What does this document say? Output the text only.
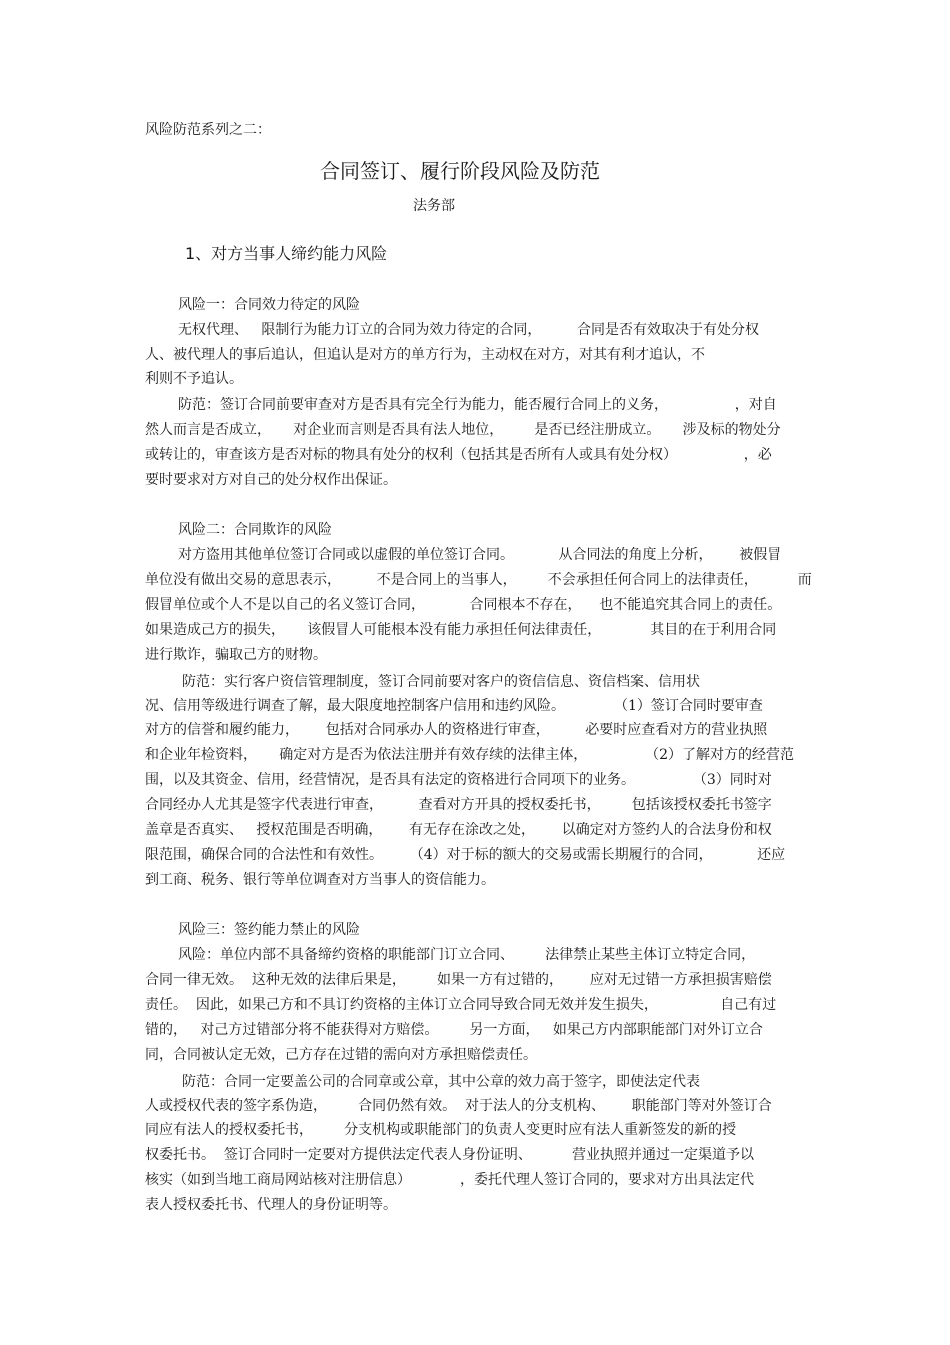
风险防范系列之二：
合同签订、履行阶段风险及防范
法务部
1、对方当事人缔约能力风险
风险一：合同效力待定的风险
无权代理、   限制行为能力订立的合同为效力待定的合同，        合同是否有效取决于有处分权
人、被代理人的事后追认，但追认是对方的单方行为，主动权在对方，对其有利才追认，不
利则不予追认。
防范：签订合同前要审查对方是否具有完全行为能力，能否履行合同上的义务，               ，对自
然人而言是否成立，     对企业而言则是否具有法人地位，       是否已经注册成立。     涉及标的物处分
或转让的，审查该方是否对标的物具有处分的权利（包括其是否所有人或具有处分权）               ，必
要时要求对方对自己的处分权作出保证。
风险二：合同欺诈的风险
对方盗用其他单位签订合同或以虚假的单位签订合同。          从合同法的角度上分析，      被假冒
单位没有做出交易的意思表示，        不是合同上的当事人，       不会承担任何合同上的法律责任，         而
假冒单位或个人不是以自己的名义签订合同，          合同根本不存在，    也不能追究其合同上的责任。
如果造成己方的损失，     该假冒人可能根本没有能力承担任何法律责任，           其目的在于利用合同
进行欺诈，骗取己方的财物。
防范：实行客户资信管理制度，签订合同前要对客户的资信信息、资信档案、信用状
况、信用等级进行调查了解，最大限度地控制客户信用和违约风险。           （1）签订合同时要审查
对方的信誉和履约能力，      包括对合同承办人的资格进行审查，        必要时应查看对方的营业执照
和企业年检资料，     确定对方是否为依法注册并有效存续的法律主体，             （2）了解对方的经营范
围，以及其资金、信用，经营情况，是否具有法定的资格进行合同项下的业务。             （3）同时对
合同经办人尤其是签字代表进行审查，        查看对方开具的授权委托书，       包括该授权委托书签字
盖章是否真实、   授权范围是否明确，      有无存在涂改之处，      以确定对方签约人的合法身份和权
限范围，确保合同的合法性和有效性。      （4）对于标的额大的交易或需长期履行的合同，          还应
到工商、税务、银行等单位调查对方当事人的资信能力。
风险三：签约能力禁止的风险
风险：单位内部不具备缔约资格的职能部门订立合同、       法律禁止某些主体订立特定合同，
合同一律无效。  这种无效的法律后果是，       如果一方有过错的，      应对无过错一方承担损害赔偿
责任。  因此，如果己方和不具订约资格的主体订立合同导致合同无效并发生损失，              自己有过
错的，   对己方过错部分将不能获得对方赔偿。       另一方面，   如果己方内部职能部门对外订立合
同，合同被认定无效，己方存在过错的需向对方承担赔偿责任。
防范：合同一定要盖公司的合同章或公章，其中公章的效力高于签字，即使法定代表
人或授权代表的签字系伪造，       合同仍然有效。  对于法人的分支机构、      职能部门等对外签订合
同应有法人的授权委托书，       分支机构或职能部门的负责人变更时应有法人重新签发的新的授
权委托书。  签订合同时一定要对方提供法定代表人身份证明、         营业执照并通过一定渠道予以
核实（如到当地工商局网站核对注册信息）           ，委托代理人签订合同的，要求对方出具法定代
表人授权委托书、代理人的身份证明等。
